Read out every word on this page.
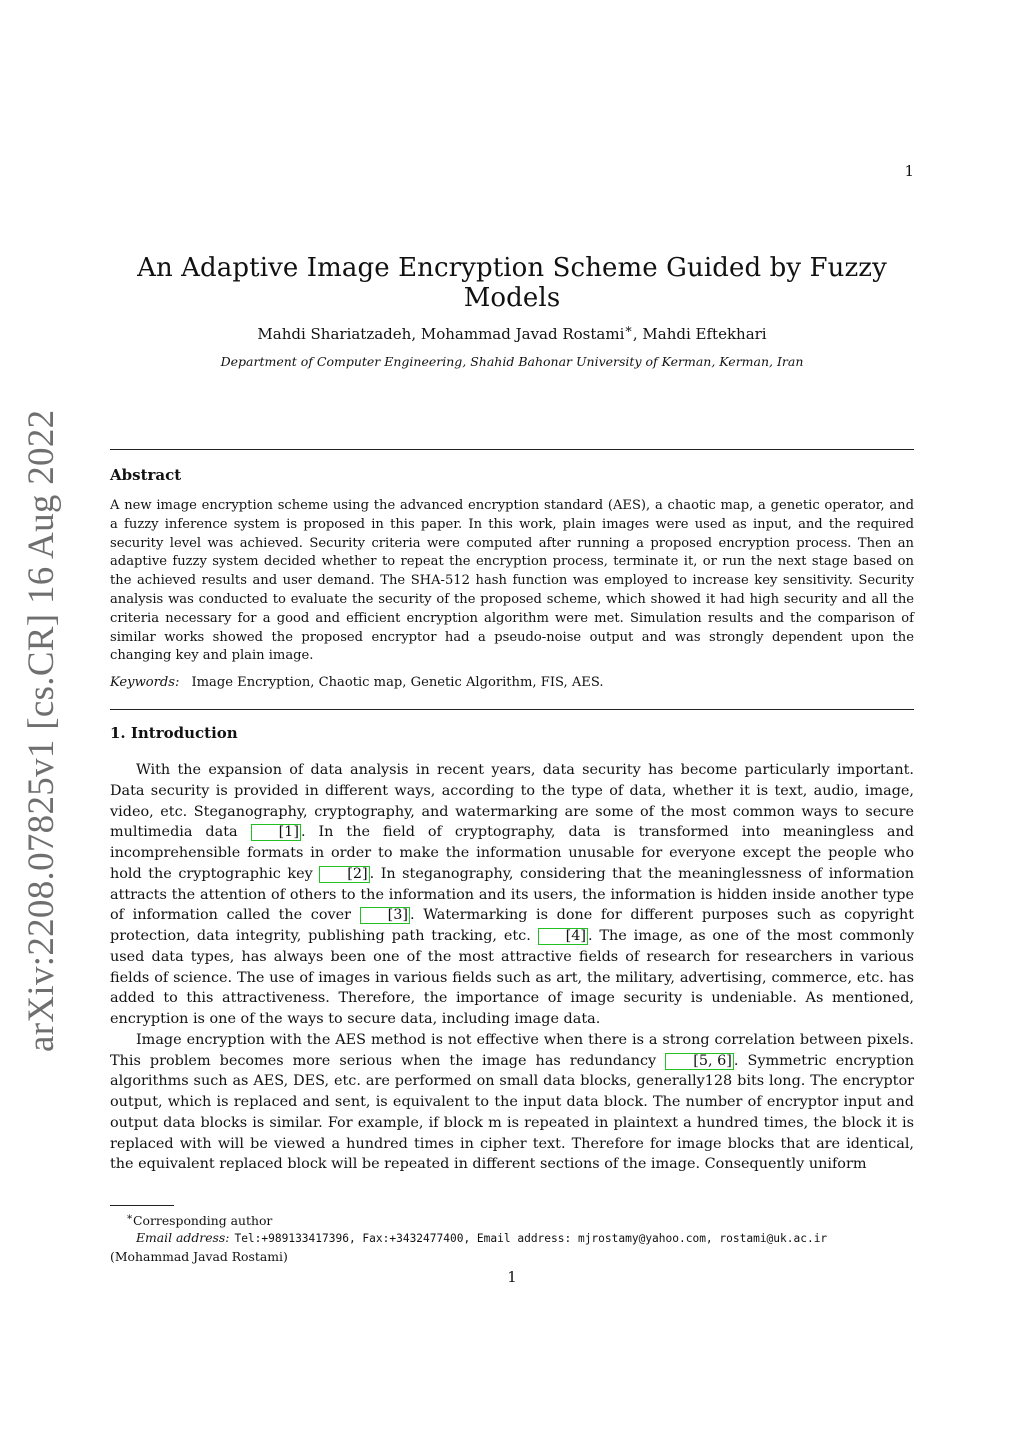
1
arXiv:2208.07825v1 [cs.CR] 16 Aug 2022
An Adaptive Image Encryption Scheme Guided by Fuzzy Models
Mahdi Shariatzadeh, Mohammad Javad Rostami∗, Mahdi Eftekhari
Department of Computer Engineering, Shahid Bahonar University of Kerman, Kerman, Iran
Abstract

A new image encryption scheme using the advanced encryption standard (AES), a chaotic map, a genetic operator, and a fuzzy inference system is proposed in this paper. In this work, plain images were used as input, and the required security level was achieved. Security criteria were computed after running a proposed encryption process. Then an adaptive fuzzy system decided whether to repeat the encryption process, terminate it, or run the next stage based on the achieved results and user demand. The SHA-512 hash function was employed to increase key sensitivity. Security analysis was conducted to evaluate the security of the proposed scheme, which showed it had high security and all the criteria necessary for a good and efficient encryption algorithm were met. Simulation results and the comparison of similar works showed the proposed encryptor had a pseudo-noise output and was strongly dependent upon the changing key and plain image.

Keywords: Image Encryption, Chaotic map, Genetic Algorithm, FIS, AES.
1. Introduction

With the expansion of data analysis in recent years, data security has become particularly important. Data security is provided in different ways, according to the type of data, whether it is text, audio, image, video, etc. Steganography, cryptography, and watermarking are some of the most common ways to secure multimedia data [1] . In the field of cryptography, data is transformed into meaningless and incomprehensible formats in order to make the information unusable for everyone except the people who hold the cryptographic key [2] . In steganography, considering that the meaninglessness of information attracts the attention of others to the information and its users, the information is hidden inside another type of information called the cover [3] . Watermarking is done for different purposes such as copyright protection, data integrity, publishing path tracking, etc. [4] . The image, as one of the most commonly used data types, has always been one of the most attractive fields of research for researchers in various fields of science. The use of images in various fields such as art, the military, advertising, commerce, etc. has added to this attractiveness. Therefore, the importance of image security is undeniable. As mentioned, encryption is one of the ways to secure data, including image data.

Image encryption with the AES method is not effective when there is a strong correlation between pixels. This problem becomes more serious when the image has redundancy [5, 6] . Symmetric encryption algorithms such as AES, DES, etc. are performed on small data blocks, generally128 bits long. The encryptor output, which is replaced and sent, is equivalent to the input data block. The number of encryptor input and output data blocks is similar. For example, if block m is repeated in plaintext a hundred times, the block it is replaced with will be viewed a hundred times in cipher text. Therefore for image blocks that are identical, the equivalent replaced block will be repeated in different sections of the image. Consequently uniform

∗Corresponding author
Email address: Tel:+989133417396, Fax:+3432477400, Email address: mjrostamy@yahoo.com, rostami@uk.ac.ir
(Mohammad Javad Rostami)
1
